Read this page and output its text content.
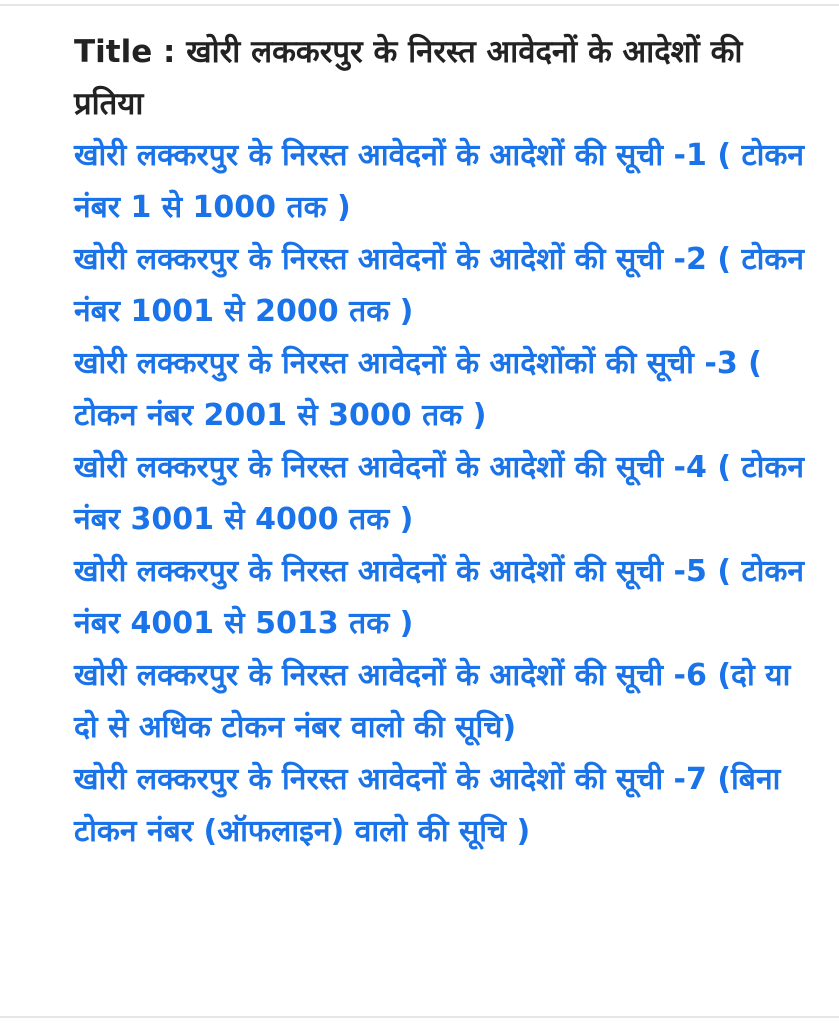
Title : खोरी लककरपुर के निरस्त आवेदनों के आदेशों की प्रतिया
खोरी लक्करपुर के निरस्त आवेदनों के आदेशों की सूची -1 ( टोकन नंबर 1 से 1000 तक )
खोरी लक्करपुर के निरस्त आवेदनों के आदेशों की सूची -2 ( टोकन नंबर 1001 से 2000 तक )
खोरी लक्करपुर के निरस्त आवेदनों के आदेशोंकों की सूची -3 ( टोकन नंबर 2001 से 3000 तक )
खोरी लक्करपुर के निरस्त आवेदनों के आदेशों की सूची -4 ( टोकन नंबर 3001 से 4000 तक )
खोरी लक्करपुर के निरस्त आवेदनों के आदेशों की सूची -5 ( टोकन नंबर 4001 से 5013 तक )
खोरी लक्करपुर के निरस्त आवेदनों के आदेशों की सूची -6 (दो या दो से अधिक टोकन नंबर वालो की सूचि)
खोरी लक्करपुर के निरस्त आवेदनों के आदेशों की सूची -7 (बिना टोकन नंबर (ऑफलाइन) वालो की सूचि )
